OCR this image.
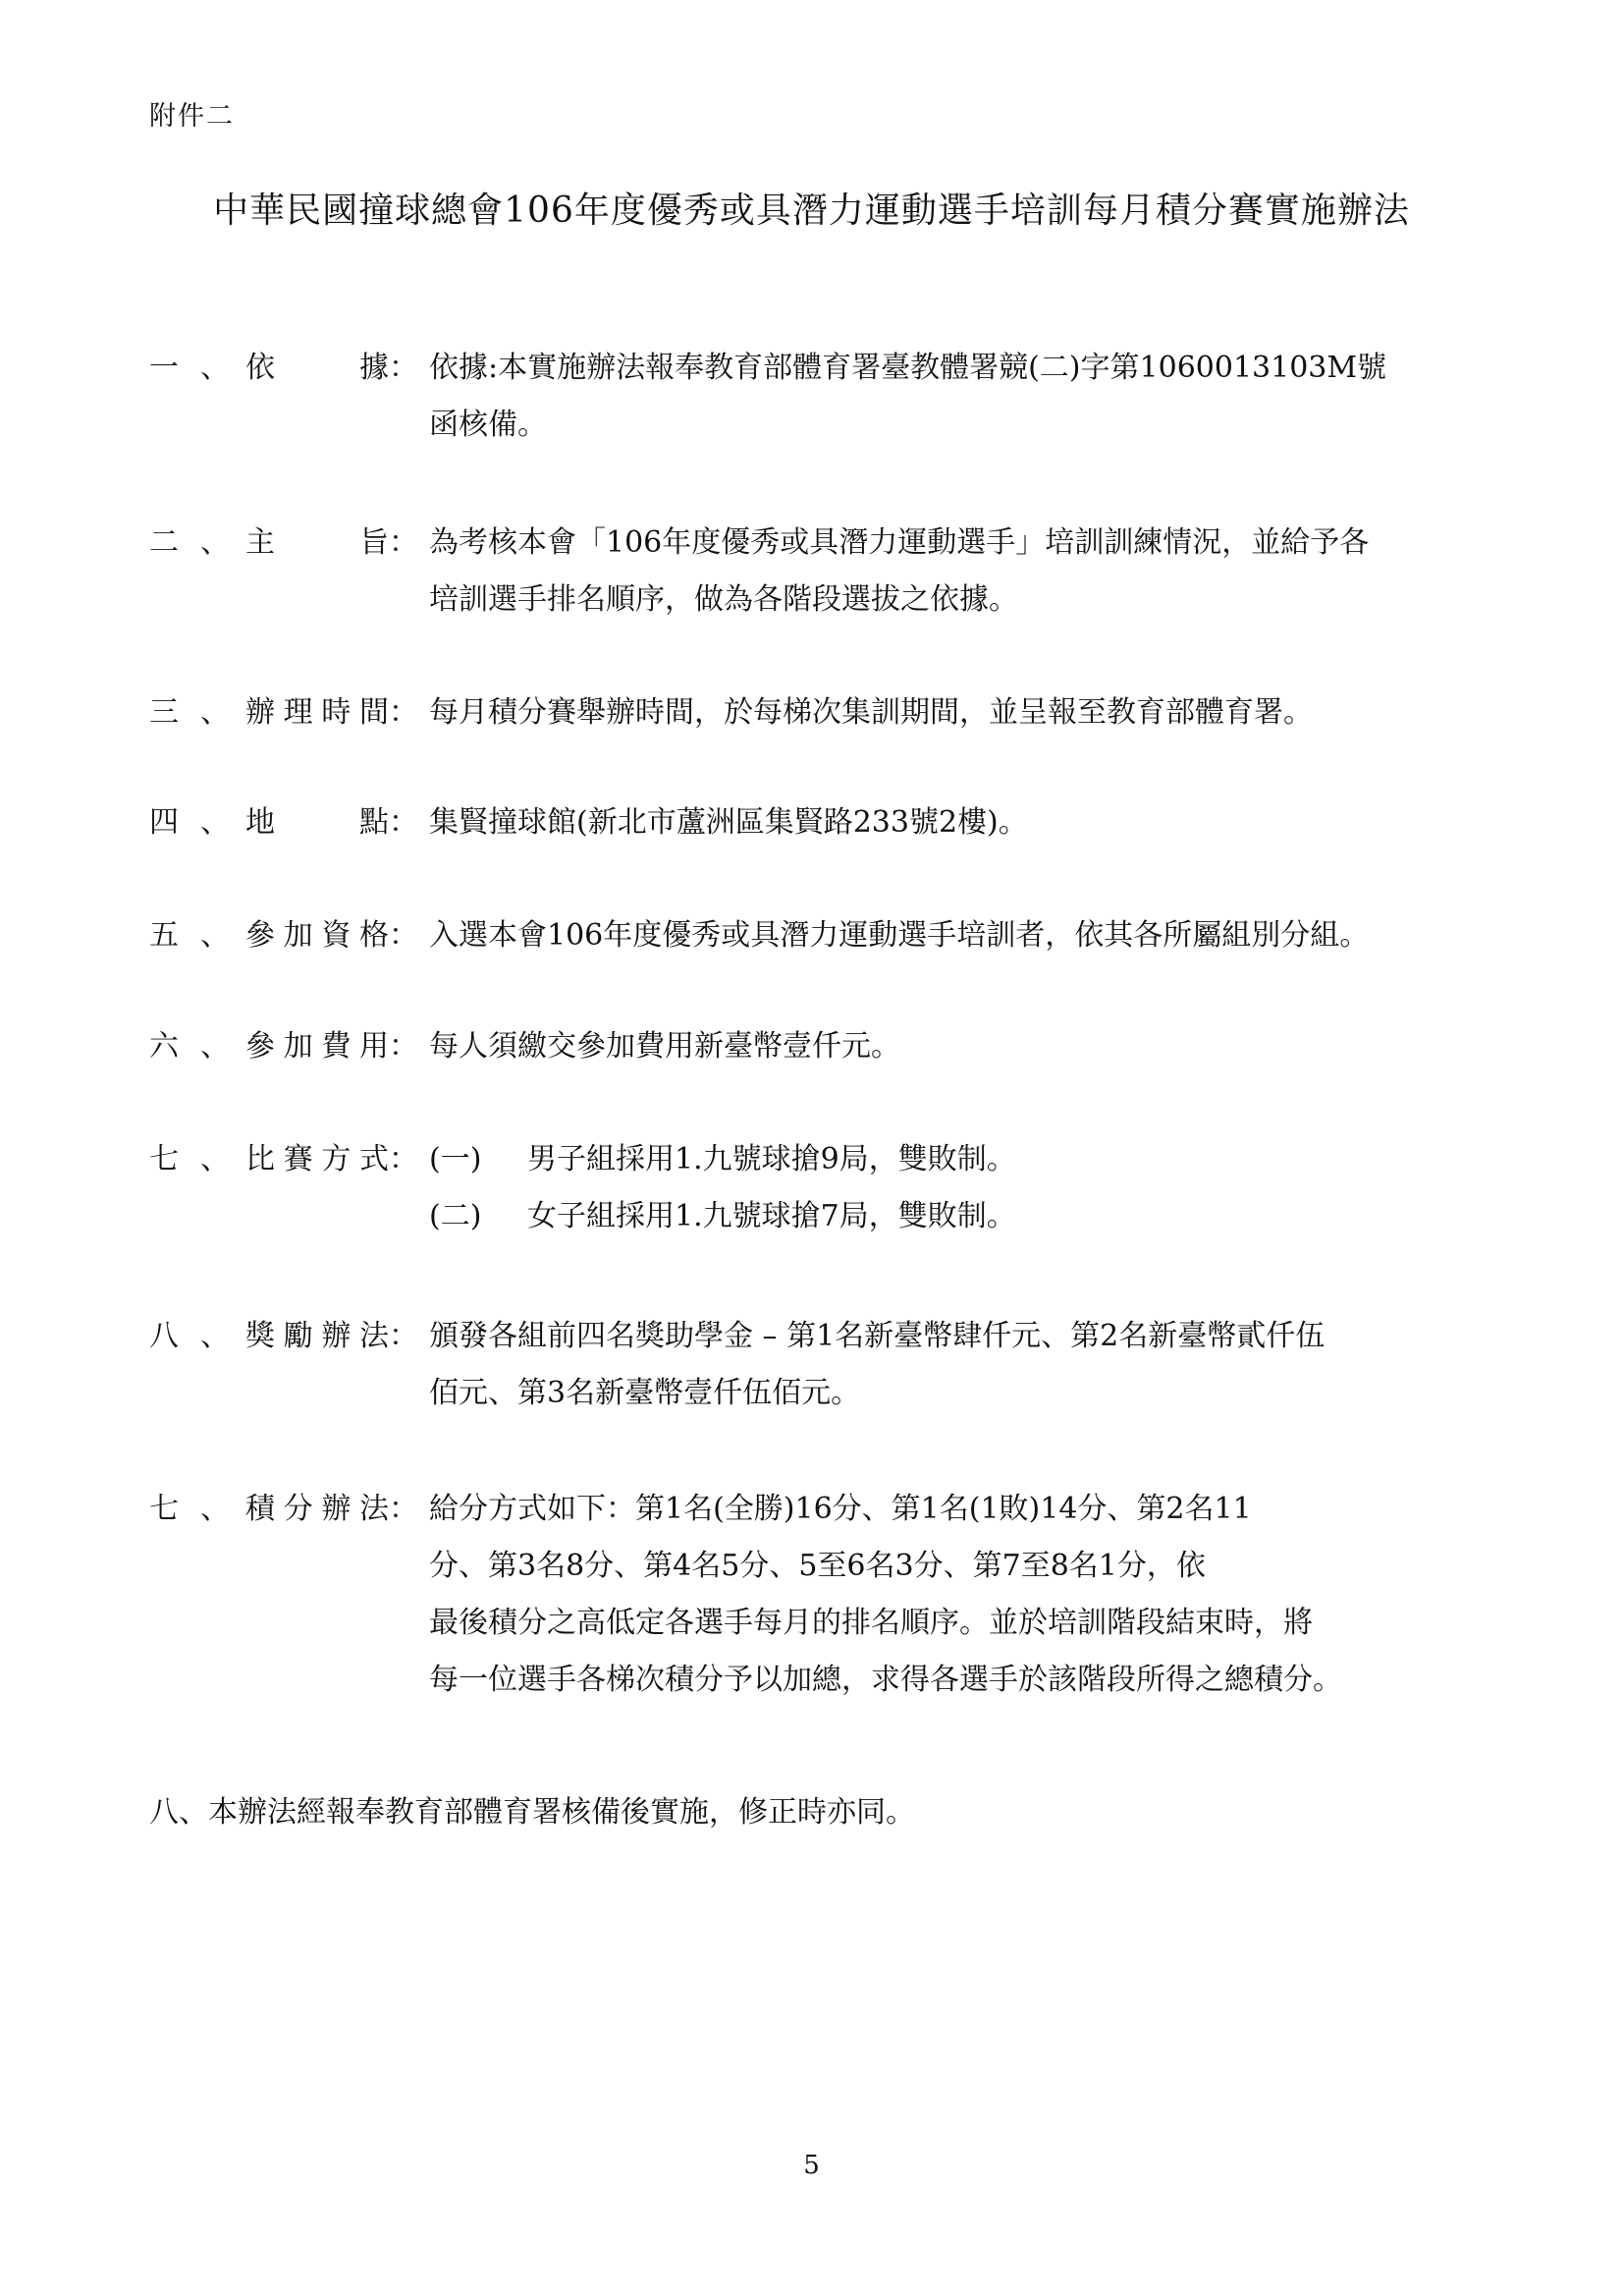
附件二
中華民國撞球總會106年度優秀或具潛力運動選手培訓每月積分賽實施辦法
一 、 依據： 依據:本實施辦法報奉教育部體育署臺教體署競(二)字第1060013103M號
函核備。
二 、 主旨： 為考核本會「106年度優秀或具潛力運動選手」培訓訓練情況，並給予各
培訓選手排名順序，做為各階段選拔之依據。
三 、 辦理時間： 每月積分賽舉辦時間，於每梯次集訓期間，並呈報至教育部體育署。
四 、 地點： 集賢撞球館(新北市蘆洲區集賢路233號2樓)。
五 、 參加資格： 入選本會106年度優秀或具潛力運動選手培訓者，依其各所屬組別分組。
六 、 參加費用： 每人須繳交參加費用新臺幣壹仟元。
七 、 比賽方式： (一) 男子組採用1.九號球搶9局，雙敗制。
(二) 女子組採用1.九號球搶7局，雙敗制。
八 、 獎勵辦法： 頒發各組前四名獎助學金 – 第1名新臺幣肆仟元、第2名新臺幣貳仟伍
佰元、第3名新臺幣壹仟伍佰元。
七 、 積分辦法： 給分方式如下：第1名(全勝)16分、第1名(1敗)14分、第2名11
分、第3名8分、第4名5分、5至6名3分、第7至8名1分，依
最後積分之高低定各選手每月的排名順序。並於培訓階段結束時，將
每一位選手各梯次積分予以加總，求得各選手於該階段所得之總積分。
八、本辦法經報奉教育部體育署核備後實施，修正時亦同。
5
